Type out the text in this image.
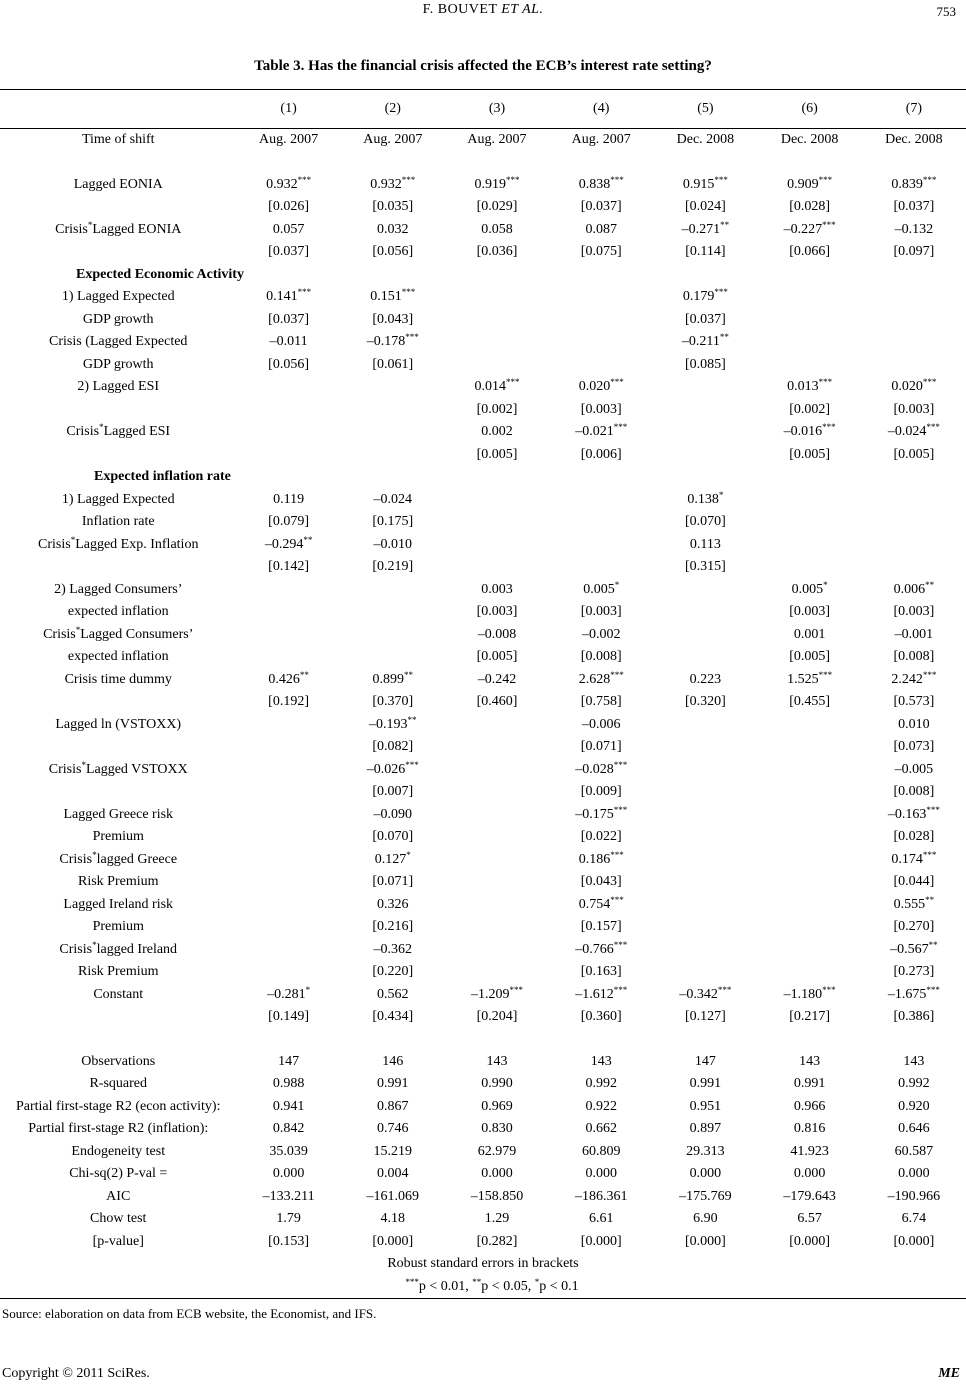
F. BOUVET ET AL.	753
Table 3. Has the financial crisis affected the ECB’s interest rate setting?
	(1)	(2)	(3)	(4)	(5)	(6)	(7)
Time of shift	Aug. 2007	Aug. 2007	Aug. 2007	Aug. 2007	Dec. 2008	Dec. 2008	Dec. 2008

Lagged EONIA	0.932***	0.932***	0.919***	0.838***	0.915***	0.909***	0.839***
	[0.026]	[0.035]	[0.029]	[0.037]	[0.024]	[0.028]	[0.037]
Crisis*Lagged EONIA	0.057	0.032	0.058	0.087	–0.271**	–0.227***	–0.132
	[0.037]	[0.056]	[0.036]	[0.075]	[0.114]	[0.066]	[0.097]
Expected Economic Activity							
1) Lagged Expected	0.141***	0.151***			0.179***		
GDP growth	[0.037]	[0.043]			[0.037]		
Crisis (Lagged Expected	–0.011	–0.178***			–0.211**		
GDP growth	[0.056]	[0.061]			[0.085]		
2) Lagged ESI			0.014***	0.020***		0.013***	0.020***
			[0.002]	[0.003]		[0.002]	[0.003]
Crisis*Lagged ESI			0.002	–0.021***		–0.016***	–0.024***
			[0.005]	[0.006]		[0.005]	[0.005]
Expected inflation rate							
1) Lagged Expected	0.119	–0.024			0.138*		
Inflation rate	[0.079]	[0.175]			[0.070]		
Crisis*Lagged Exp. Inflation	–0.294**	–0.010			0.113		
	[0.142]	[0.219]			[0.315]		
2) Lagged Consumers’			0.003	0.005*		0.005*	0.006**
expected inflation			[0.003]	[0.003]		[0.003]	[0.003]
Crisis*Lagged Consumers’			–0.008	–0.002		0.001	–0.001
expected inflation			[0.005]	[0.008]		[0.005]	[0.008]
Crisis time dummy	0.426**	0.899**	–0.242	2.628***	0.223	1.525***	2.242***
	[0.192]	[0.370]	[0.460]	[0.758]	[0.320]	[0.455]	[0.573]
Lagged ln (VSTOXX)		–0.193**		–0.006			0.010
		[0.082]		[0.071]			[0.073]
Crisis*Lagged VSTOXX		–0.026***		–0.028***			–0.005
		[0.007]		[0.009]			[0.008]
Lagged Greece risk		–0.090		–0.175***			–0.163***
Premium		[0.070]		[0.022]			[0.028]
Crisis*lagged Greece		0.127*		0.186***			0.174***
Risk Premium		[0.071]		[0.043]			[0.044]
Lagged Ireland risk		0.326		0.754***			0.555**
Premium		[0.216]		[0.157]			[0.270]
Crisis*lagged Ireland		–0.362		–0.766***			–0.567**
Risk Premium		[0.220]		[0.163]			[0.273]
Constant	–0.281*	0.562	–1.209***	–1.612***	–0.342***	–1.180***	–1.675***
	[0.149]	[0.434]	[0.204]	[0.360]	[0.127]	[0.217]	[0.386]

Observations	147	146	143	143	147	143	143
R-squared	0.988	0.991	0.990	0.992	0.991	0.991	0.992
Partial first-stage R2 (econ activity):	0.941	0.867	0.969	0.922	0.951	0.966	0.920
Partial first-stage R2 (inflation):	0.842	0.746	0.830	0.662	0.897	0.816	0.646
Endogeneity test	35.039	15.219	62.979	60.809	29.313	41.923	60.587
Chi-sq(2) P-val =	0.000	0.004	0.000	0.000	0.000	0.000	0.000
AIC	–133.211	–161.069	–158.850	–186.361	–175.769	–179.643	–190.966
Chow test	1.79	4.18	1.29	6.61	6.90	6.57	6.74
[p-value]	[0.153]	[0.000]	[0.282]	[0.000]	[0.000]	[0.000]	[0.000]
Robust standard errors in brackets							
***p < 0.01, **p < 0.05, *p < 0.1							
Source: elaboration on data from ECB website, the Economist, and IFS.
Copyright © 2011 SciRes.	ME
